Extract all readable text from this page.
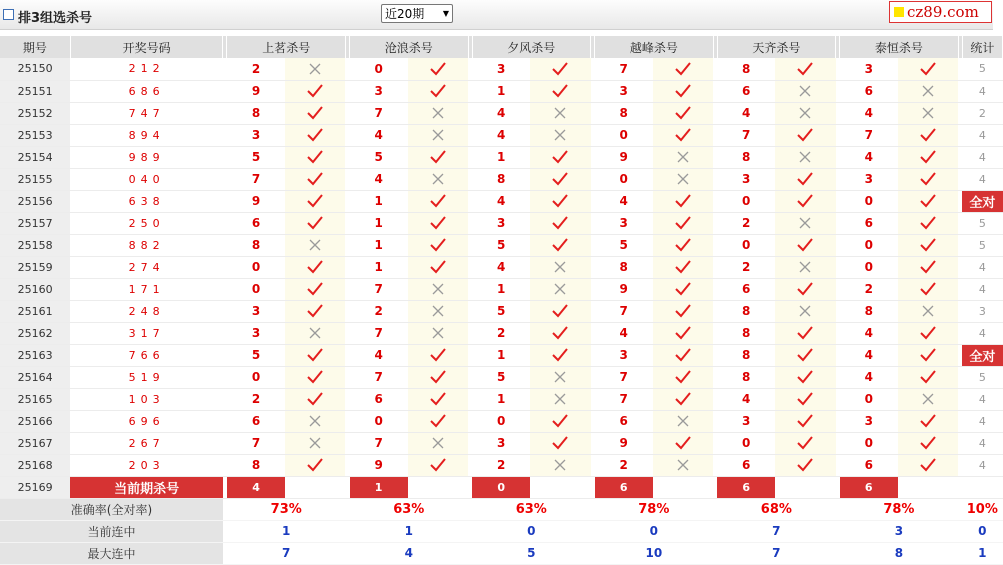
排3组选杀号	近20期 ▼	cz89.com
期号	开奖号码		上茗杀号			沧浪杀号			夕风杀号			越峰杀号			天齐杀号			泰恒杀号			统计
25150	212		2			0			3			7			8			3			5
25151	686		9			3			1			3			6			6			4
25152	747		8			7			4			8			4			4			2
25153	894		3			4			4			0			7			7			4
25154	989		5			5			1			9			8			4			4
25155	040		7			4			8			0			3			3			4
25156	638		9			1			4			4			0			0			全对
25157	250		6			1			3			3			2			6			5
25158	882		8			1			5			5			0			0			5
25159	274		0			1			4			8			2			0			4
25160	171		0			7			1			9			6			2			4
25161	248		3			2			5			7			8			8			3
25162	317		3			7			2			4			8			4			4
25163	766		5			4			1			3			8			4			全对
25164	519		0			7			5			7			8			4			5
25165	103		2			6			1			7			4			0			4
25166	696		6			0			0			6			3			3			4
25167	267		7			7			3			9			0			0			4
25168	203		8			9			2			2			6			6			4
25169	当前期杀号		4			1			0			6			6			6			
准确率(全对率)			73%			63%			63%			78%			68%			78%			10%
当前连中			1			1			0			0			7			3			0
最大连中			7			4			5			10			7			8			1
